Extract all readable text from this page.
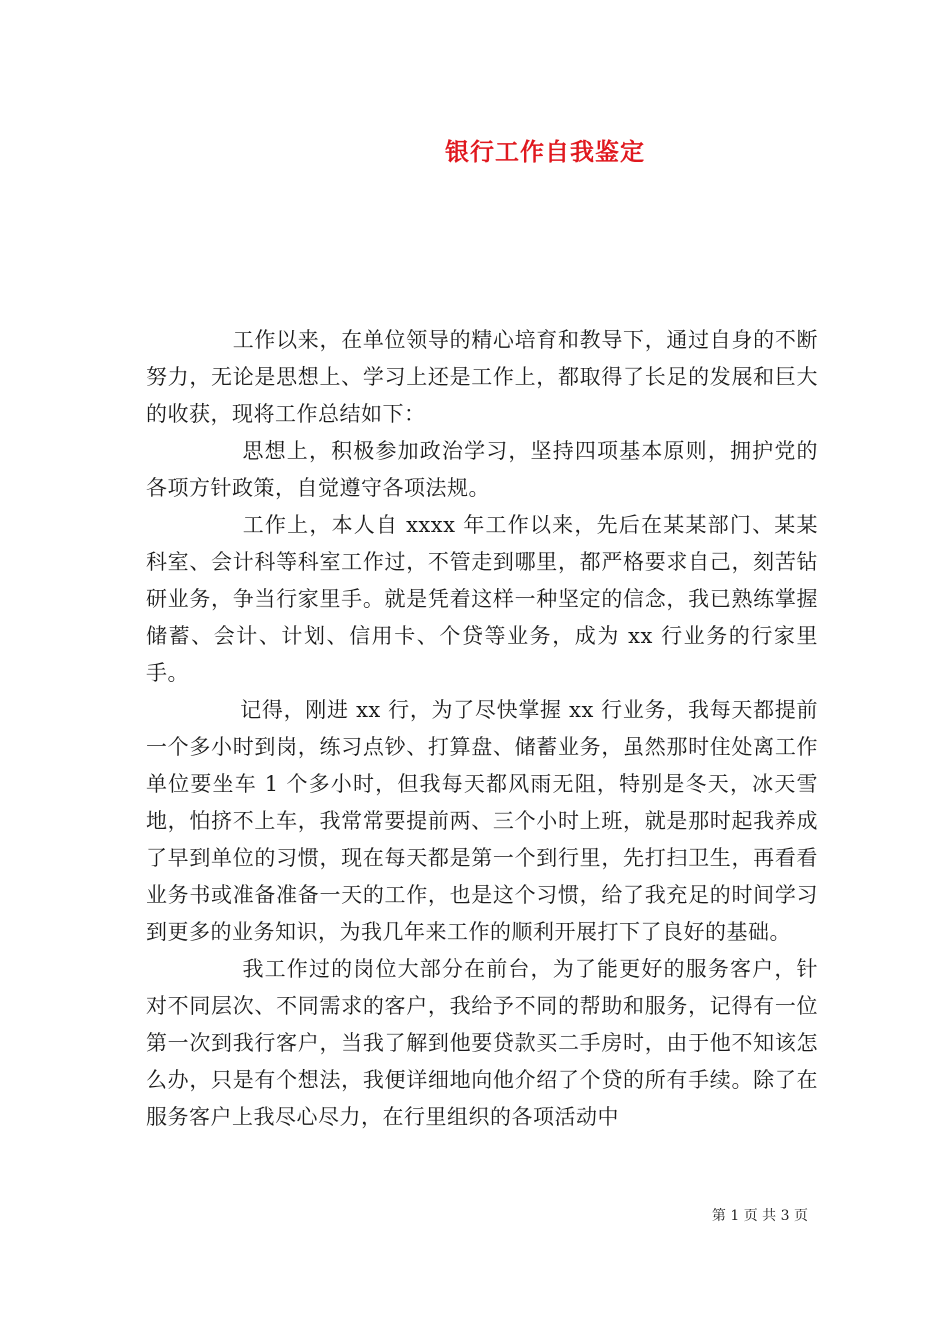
银行工作自我鉴定

　　　　工作以来，在单位领导的精心培育和教导下，通过自身的不断努力，无论是思想上、学习上还是工作上，都取得了长足的发展和巨大的收获，现将工作总结如下：

　　　　 思想上，积极参加政治学习，坚持四项基本原则，拥护党的各项方针政策，自觉遵守各项法规。

　　　　 工作上，本人自 xxxx 年工作以来，先后在某某部门、某某科室、会计科等科室工作过，不管走到哪里，都严格要求自己，刻苦钻研业务，争当行家里手。就是凭着这样一种坚定的信念，我已熟练掌握储蓄、会计、计划、信用卡、个贷等业务，成为 xx 行业务的行家里手。

　　　　 记得，刚进 xx 行，为了尽快掌握 xx 行业务，我每天都提前一个多小时到岗，练习点钞、打算盘、储蓄业务，虽然那时住处离工作单位要坐车 1 个多小时，但我每天都风雨无阻，特别是冬天，冰天雪地，怕挤不上车，我常常要提前两、三个小时上班，就是那时起我养成了早到单位的习惯，现在每天都是第一个到行里，先打扫卫生，再看看业务书或准备准备一天的工作，也是这个习惯，给了我充足的时间学习到更多的业务知识，为我几年来工作的顺利开展打下了良好的基础。

　　　　 我工作过的岗位大部分在前台，为了能更好的服务客户，针对不同层次、不同需求的客户，我给予不同的帮助和服务，记得有一位第一次到我行客户，当我了解到他要贷款买二手房时，由于他不知该怎么办，只是有个想法，我便详细地向他介绍了个贷的所有手续。除了在服务客户上我尽心尽力，在行里组织的各项活动中

第 1 页 共 3 页
